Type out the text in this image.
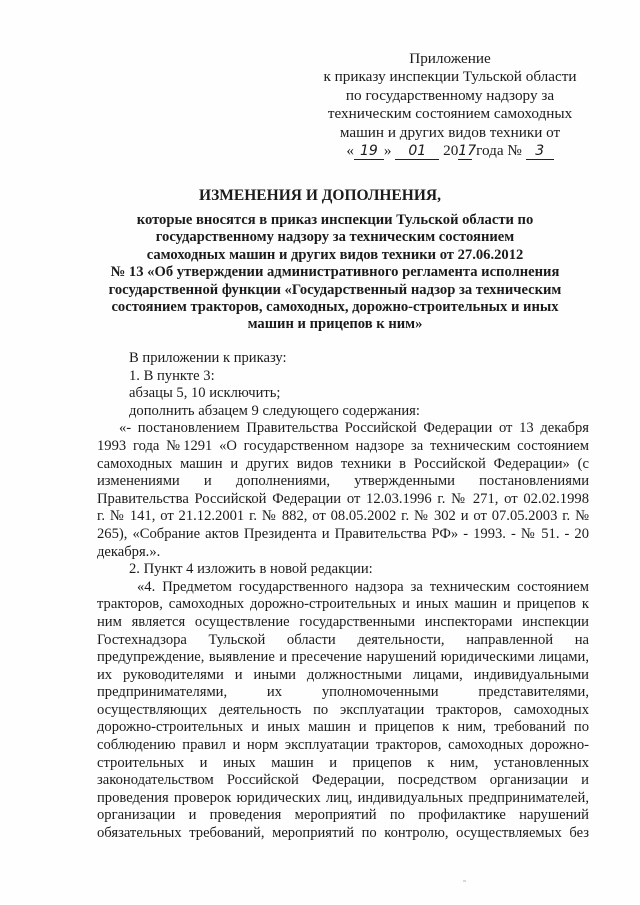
Приложение
к приказу инспекции Тульской области
по государственному надзору за
техническим состоянием самоходных
машин и других видов техники от
« 19 » 01 2017 года № 3
ИЗМЕНЕНИЯ И ДОПОЛНЕНИЯ,
которые вносятся в приказ инспекции Тульской области по
государственному надзору за техническим состоянием
самоходных машин и других видов техники от 27.06.2012
№ 13 «Об утверждении административного регламента исполнения
государственной функции «Государственный надзор за техническим
состоянием тракторов, самоходных, дорожно-строительных и иных
машин и прицепов к ним»
В приложении к приказу:
1. В пункте 3:
абзацы 5, 10 исключить;
дополнить абзацем 9 следующего содержания:
«- постановлением Правительства Российской Федерации от 13 декабря
1993 года №1291 «О государственном надзоре за техническим состоянием
самоходных машин и других видов техники в Российской Федерации» (с
изменениями и дополнениями, утвержденными постановлениями
Правительства Российской Федерации от 12.03.1996 г. № 271, от 02.02.1998
г. № 141, от 21.12.2001 г. № 882, от 08.05.2002 г. № 302 и от 07.05.2003 г. №
265), «Собрание актов Президента и Правительства РФ» - 1993. - № 51. - 20
декабря.».
2. Пункт 4 изложить в новой редакции:
«4. Предметом государственного надзора за техническим состоянием
тракторов, самоходных дорожно-строительных и иных машин и прицепов к
ним является осуществление государственными инспекторами инспекции
Гостехнадзора Тульской области деятельности, направленной на
предупреждение, выявление и пресечение нарушений юридическими лицами,
их руководителями и иными должностными лицами, индивидуальными
предпринимателями, их уполномоченными представителями,
осуществляющих деятельность по эксплуатации тракторов, самоходных
дорожно-строительных и иных машин и прицепов к ним, требований по
соблюдению правил и норм эксплуатации тракторов, самоходных дорожно-
строительных и иных машин и прицепов к ним, установленных
законодательством Российской Федерации, посредством организации и
проведения проверок юридических лиц, индивидуальных предпринимателей,
организации и проведения мероприятий по профилактике нарушений
обязательных требований, мероприятий по контролю, осуществляемых без
